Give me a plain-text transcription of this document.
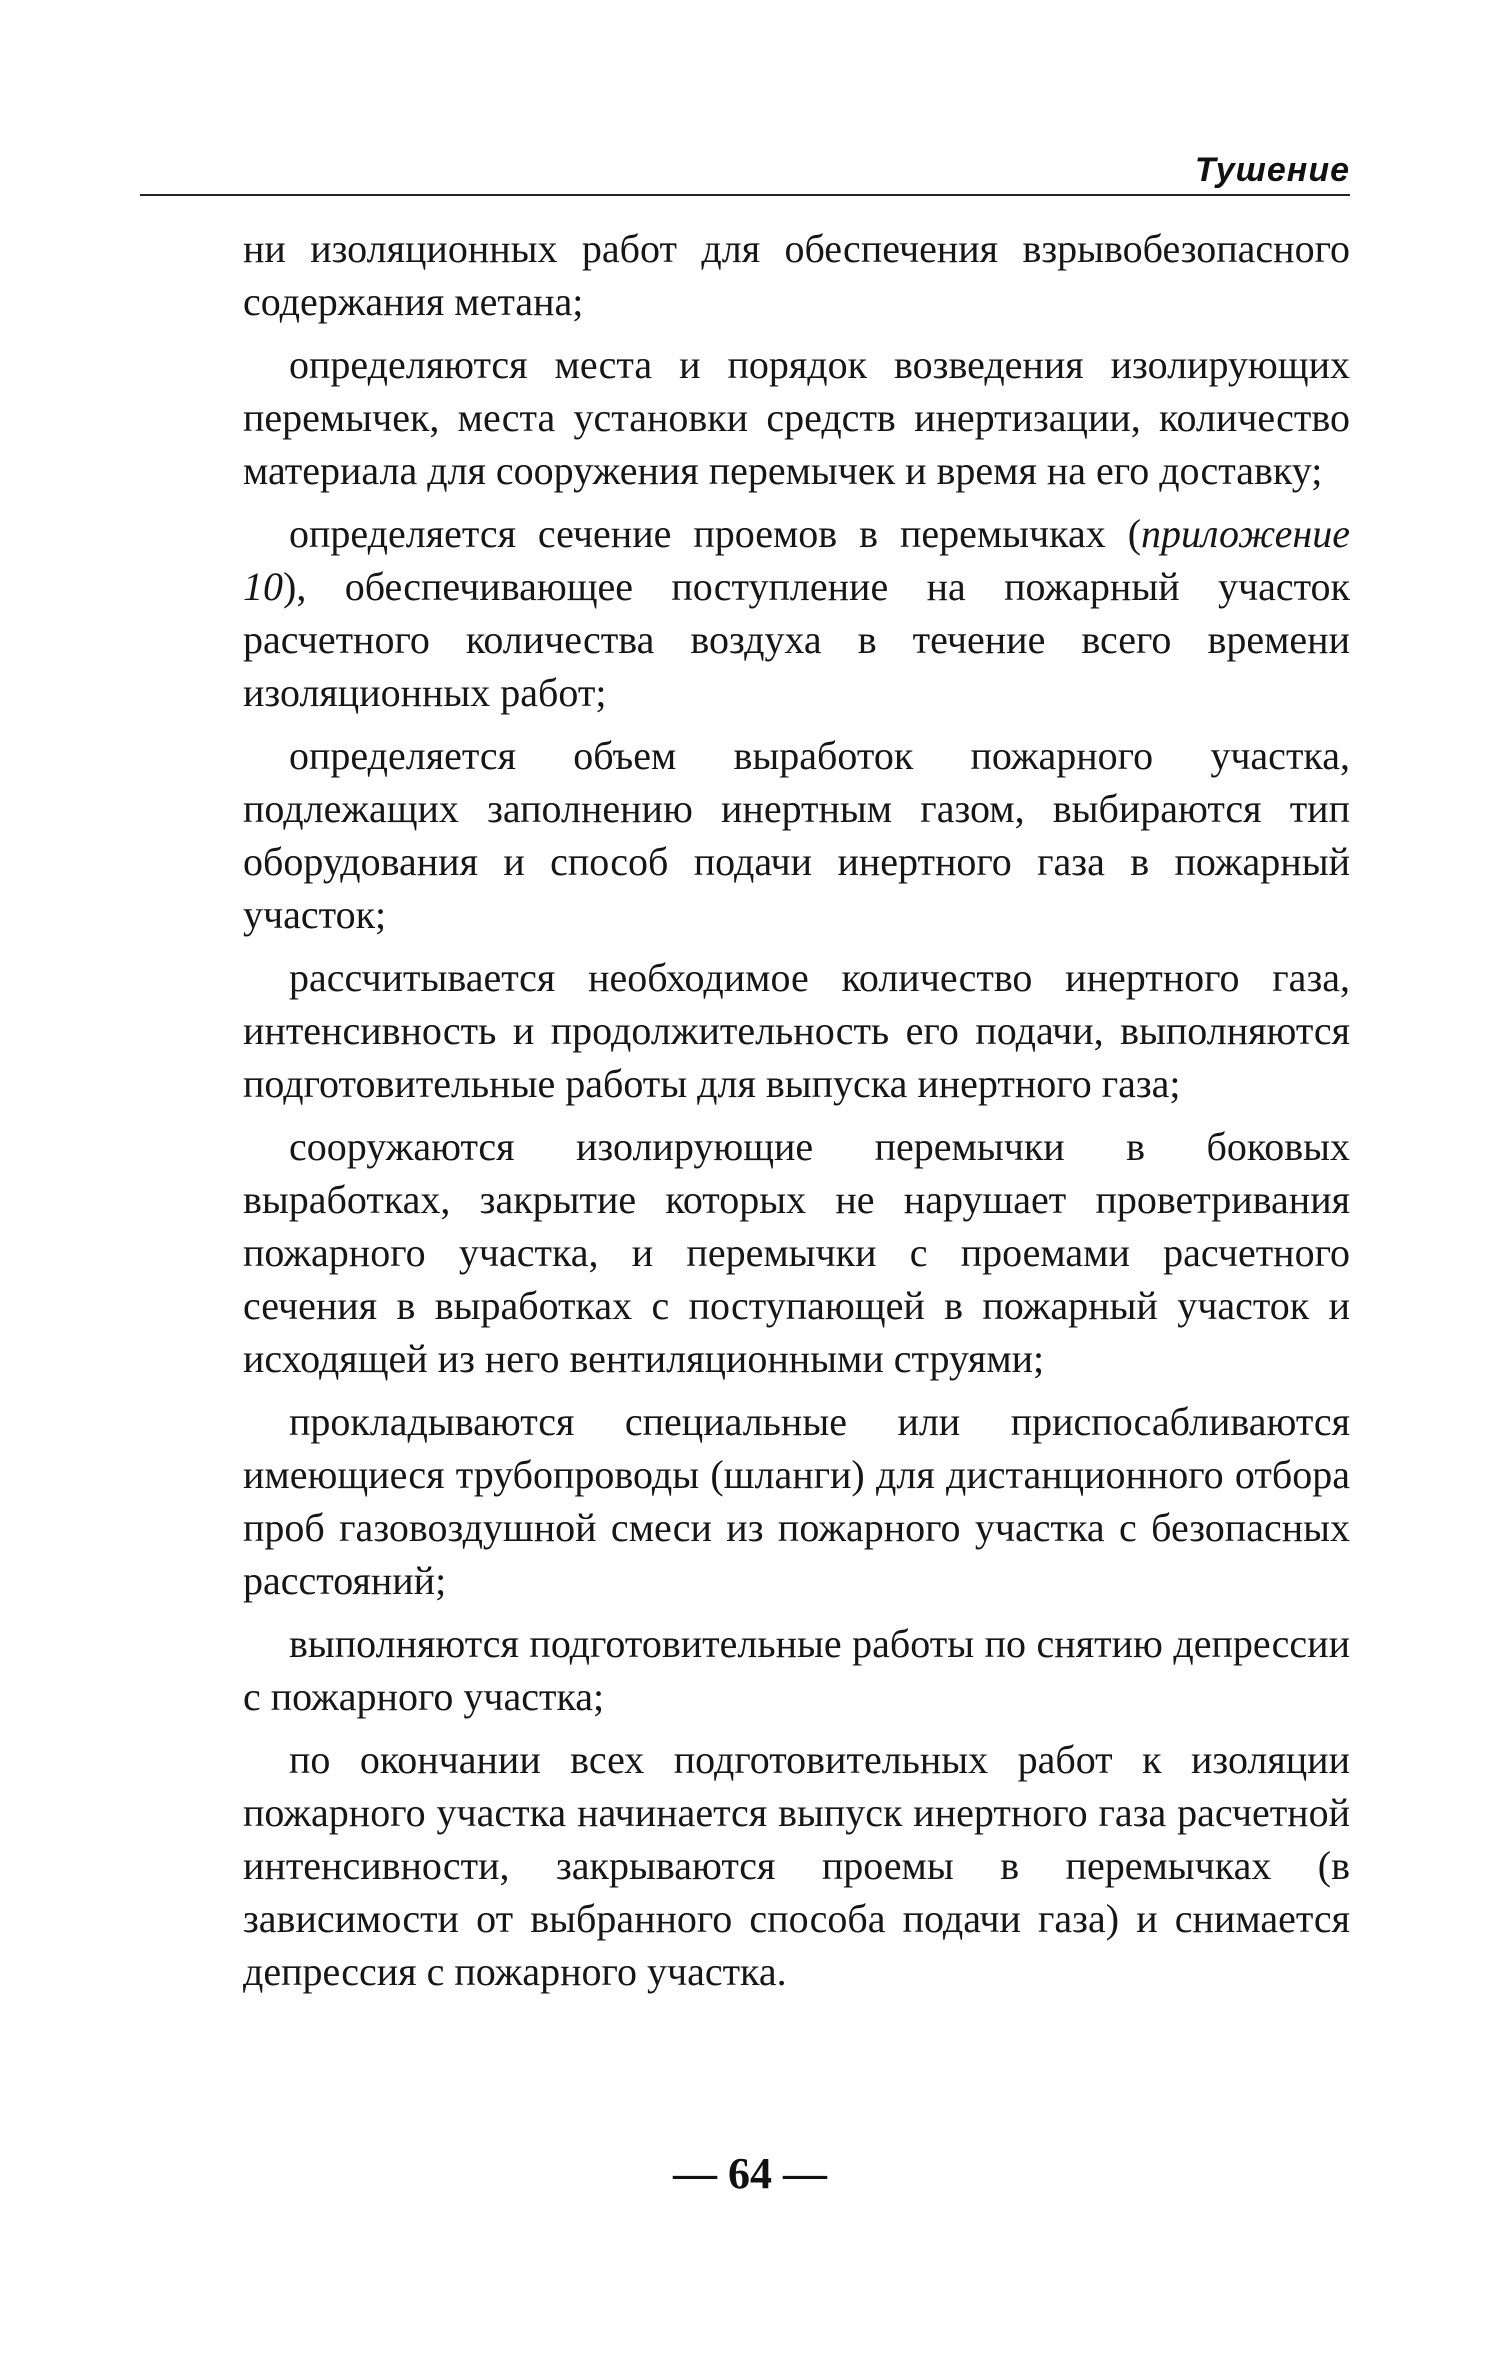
Тушение

ни изоляционных работ для обеспечения взрывобезопасного содержания метана;

определяются места и порядок возведения изолирующих перемычек, места установки средств инертизации, количество материала для сооружения перемычек и время на его доставку;

определяется сечение проемов в перемычках (приложение 10), обеспечивающее поступление на пожарный участок расчетного количества воздуха в течение всего времени изоляционных работ;

определяется объем выработок пожарного участка, подлежащих заполнению инертным газом, выбираются тип оборудования и способ подачи инертного газа в пожарный участок;

рассчитывается необходимое количество инертного газа, интенсивность и продолжительность его подачи, выполняются подготовительные работы для выпуска инертного газа;

сооружаются изолирующие перемычки в боковых выработках, закрытие которых не нарушает проветривания пожарного участка, и перемычки с проемами расчетного сечения в выработках с поступающей в пожарный участок и исходящей из него вентиляционными струями;

прокладываются специальные или приспосабливаются имеющиеся трубопроводы (шланги) для дистанционного отбора проб газовоздушной смеси из пожарного участка с безопасных расстояний;

выполняются подготовительные работы по снятию депрессии с пожарного участка;

по окончании всех подготовительных работ к изоляции пожарного участка начинается выпуск инертного газа расчетной интенсивности, закрываются проемы в перемычках (в зависимости от выбранного способа подачи газа) и снимается депрессия с пожарного участка.

— 64 —
